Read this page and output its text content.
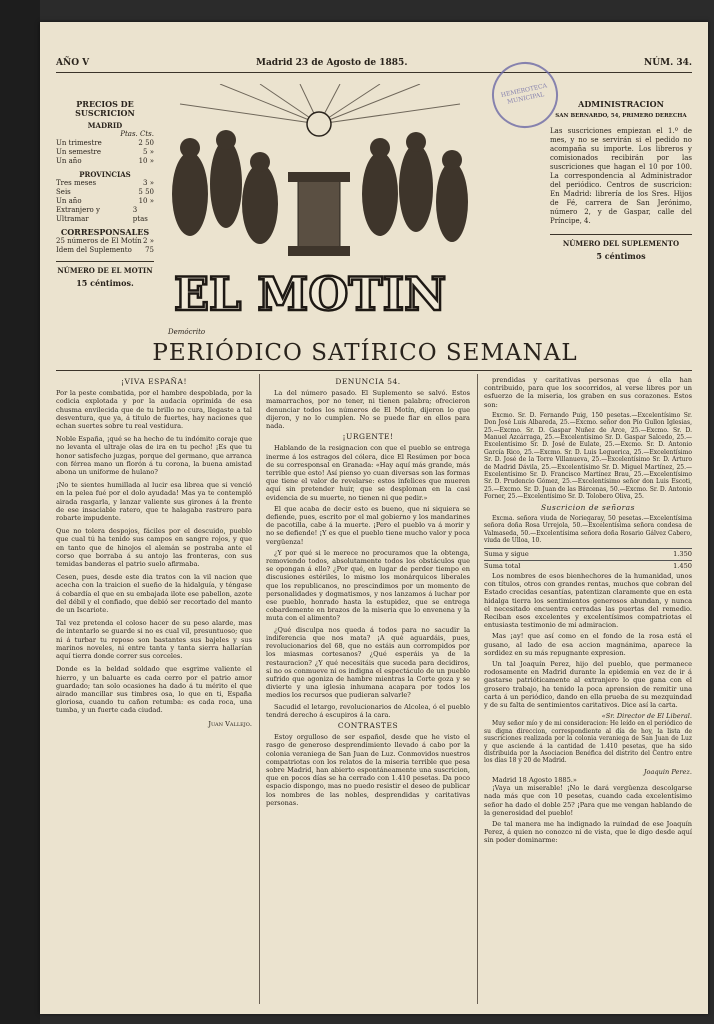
AÑO V	Madrid 23 de Agosto de 1885.	NÚM. 34.
HEMEROTECA MUNICIPAL
PRECIOS DE SUSCRICION
MADRID
Ptas. Cts.
Un trimestre	2 50
Un semestre	5 »
Un año	10 »
PROVINCIAS
Tres meses	3 »
Seis	5 50
Un año	10 »
Extranjero y Ultramar
3 ptas
CORRESPONSALES
25 números de El Motín 2 »
Idem del Suplemento 75
NÚMERO DE EL MOTIN
15 céntimos.
ADMINISTRACION
SAN BERNARDO, 54, PRIMERO DERECHA
Las suscriciones empiezan el 1.º de mes, y no se servirán si el pedido no acompaña su importe. Los libreros y comisionados recibirán por las suscriciones que hagan el 10 por 100. La correspondencia al Administrador del periódico. Centros de suscricion: En Madrid: librería de los Sres. Hijos de Fé, carrera de San Jerónimo, número 2, y de Gaspar, calle del Príncipe, 4.
NÚMERO DEL SUPLEMENTO
5 céntimos
EL MOTIN
Demócrito
PERIÓDICO SATÍRICO SEMANAL
¡VIVA ESPAÑA!

Por la peste combatida, por el hambre despoblada, por la codicia explotada y por la audacia oprimida de esa chusma envilecida que de tu brillo no cura, llegaste a tal desventura, que ya, á titulo de fuertes, hay naciones que echan suertes sobre tu real vestidura.

Noble España, ¡qué se ha hecho de tu indómito coraje que no levanta el ultraje olas de ira en tu pecho! ¡Es que tu honor satisfecho juzgas, porque del germano, que arranca con férrea mano un florón á tu corona, la buena amistad abona un uniforme de hulano?

¡No te sientes humillada al lucir esa librea que si venció en la pelea fué por el dolo ayudada! Mas ya te contempló airada rasgarla, y lanzar valiente sus girones á la frente de ese insaciable ratero, que te halagaba rastrero para robarte impudente.

Que no tolera despojos, fáciles por el descuido, pueblo que cual tú ha tenido sus campos en sangre rojos, y que en tanto que de hinojos el alemán se postraba ante el corso que borraba á su antojo las fronteras, con sus temidas banderas el patrio suelo afirmaba.

Cesen, pues, desde este dia tratos con la vil nacion que acecha con la traicion el sueño de la hidalguía, y téngase á cobardía el que en su embajada ilote ese pabellon, azote del débil y el confiado, que debió ser recortado del manto de un Iscariote.

Tal vez pretenda el coloso hacer de su peso alarde, mas de intentarlo se guarde si no es cual vil, presuntuoso; que ni á turbar tu reposo son bastantes sus bajeles y sus marinos noveles, ni entre tanta y tanta sierra hallarían aquí tierra donde correr sus corceles.

Donde es la beldad soldado que esgrime valiente el hierro, y un baluarte es cada cerro por el patrio amor guardado; tan solo ocasiones ha dado á tu mérito el que airado mancillar sus timbres osa, lo que en ti, España gloriosa, cuando tu cañon retumba: es cada roca, una tumba, y un fuerte cada ciudad.

Juan Vallejo.
DENUNCIA 54.

La del número pasado. El Suplemento se salvó. Estos mamarrachos, por no tener, ni tienen palabra; ofrecieron denunciar todos los números de El Motín, dijeron lo que dijeron, y no lo cumplen. No se puede fiar en ellos para nada.

¡URGENTE!

Hablando de la resignacion con que el pueblo se entrega inerme á los estragos del cólera, dice El Resúmen por boca de su corresponsal en Granada: «Hay aquí más grande, más terrible que esto! Así pienso yo cuan diversas son las formas que tiene el valor de revelarse: estos infelices que mueren aquí sin pretender huir, que se desploman en la casi evidencia de su muerte, no tienen ni que pedir.»

El que acaba de decir esto es bueno, que ni siquiera se defiende, pues, escrito por el mal gobierno y los mandarines de pacotilla, cabe á la muerte. ¡Pero el pueblo va á morir y no se defiende! ¡Y es que el pueblo tiene mucho valor y poca vergüenza!

¿Y por qué si le merece no procuramos que la obtenga, removiendo todos, absolutamente todos los obstáculos que se opongan á ello? ¿Por qué, en lugar de perder tiempo en discusiones estériles, lo mismo los monárquicos liberales que los republicanos, no prescindimos por un momento de personalidades y dogmatismos, y nos lanzamos á luchar por ese pueblo, honrado hasta la estupidez, que se entrega cobardemente en brazos de la miseria que lo envenena y la muta con el alimento?

¿Qué disculpa nos queda á todos para no sacudir la indiferencia que nos mata? ¡A qué aguardáis, pues, revolucionarios del 68, que no estáis aun corrompidos por los miasmas cortesanos? ¿Qué esperáis ya de la restauracion? ¿Y qué necesitáis que suceda para decidiros, si no os conmueve ni os indigna el espectáculo de un pueblo sufrido que agoniza de hambre mientras la Corte goza y se divierte y una iglesia inhumana acapara por todos los medios los recursos que pudieran salvarle?

Sacudid el letargo, revolucionarios de Alcolea, ó el pueblo tendrá derecho á escupiros á la cara.

CONTRASTES

Estoy orgulloso de ser español, desde que he visto el rasgo de generoso desprendimiento llevado á cabo por la colonia veraniega de San Juan de Luz. Conmovidos nuestros compatriotas con los relatos de la miseria terrible que pesa sobre Madrid, han abierto espontáneamente una suscricion, que en pocos días se ha cerrado con 1.410 pesetas. Da poco espacio dispongo, mas no puedo resistir el deseo de publicar los nombres de las nobles, desprendidas y caritativas personas.

prendidas y caritativas personas que á ella han contribuido, para que los socorridos, al verse libres por un esfuerzo de la miseria, los graben en sus corazones. Estos son:

Excmo. Sr. D. Fernando Puig, 150 pesetas.—Excelentísimo Sr. Don José Luis Albareda, 25.—Excmo. señor don Pío Gullon Iglesias, 25.—Excmo. Sr. D. Gaspar Nuñez de Arce, 25.—Excmo. Sr. D. Manuel Azcárraga, 25.—Excelentísimo Sr. D. Gaspar Salcedo, 25.—Excelentísimo Sr. D. José de Eulate, 25.—Excmo. Sr. D. Antonio García Rico, 25.—Excmo. Sr. D. Luis Leguerica, 25.—Excelentísimo Sr. D. José de la Torre Villanueva, 25.—Excelentísimo Sr. D. Arturo de Madrid Dávila, 25.—Excelentísimo Sr. D. Miguel Martínez, 25.—Excelentísimo Sr. D. Francisco Martínez Brau, 25.—Excelentísimo Sr. D. Prudencio Gómez, 25.—Excelentísimo señor don Luis Escoti, 25.—Excmo. Sr. D. Juan de las Bárcenas, 50.—Excmo. Sr. D. Antonio Forner, 25.—Excelentísimo Sr. D. Tolobero Oliva, 25.

Suscricion de señoras

Excma. señora viuda de Noriegaray, 50 pesetas.—Excelentísima señora doña Rosa Urrejola, 50.—Excelentísima señora condesa de Valmaseda, 50.—Excelentísima señora doña Rosario Gálvez Cabero, viuda de Ulloa, 10.

Suma y sigue	1.350
Suma total	1.450

Los nombres de esos bienhechores de la humanidad, unos con títulos, otros con grandes rentas, muchos que cobran del Estado crecidas cesantías, patentizan claramente que en esta hidalga tierra los sentimientos generosos abundan, y nunca el necesitado encuentra cerradas las puertas del remedio. Reciban esos excelentes y excelentísimos compatriotas el entusiasta testimonio de mi admiracion.

Mas ¡ay! que así como en el fondo de la rosa está el gusano, al lado de esa accion magnánima, aparece la sordidez en su más repugnante expresion.

Un tal Joaquín Perez, hijo del pueblo, que permanece rodosamente en Madrid durante la epidemia en vez de ir á gastarse patrióticamente al extranjero lo que gana con el grosero trabajo, ha tenido la poca aprension de remitir una carta á un periódico, dando en ella prueba de su mezquindad y de su falta de sentimientos caritativos. Dice así la carta.

«Sr. Director de El Liberal.

Muy señor mío y de mi consideracion: He leído en el periódico de su digna direccion, correspondiente al día de hoy, la lista de suscriciones realizada por la colonia veraniega de San Juan de Luz y que asciende á la cantidad de 1.410 pesetas, que ha sido distribuida por la Asociacion Benéfica del distrito del Centro entre los días 18 y 20 de Madrid.

Joaquin Perez.
Madrid 18 Agosto 1885.»

¡Vaya un miserable! ¡No le dará vergüenza descolgarse nada más que con 10 pesetas, cuando cada excelentísimo señor ha dado el doble 25? ¡Para que me vengan hablando de la generosidad del pueblo!

De tal manera me ha indignado la ruindad de ese Joaquín Perez, á quien no conozco ni de vista, que le digo desde aquí sin poder dominarme:
